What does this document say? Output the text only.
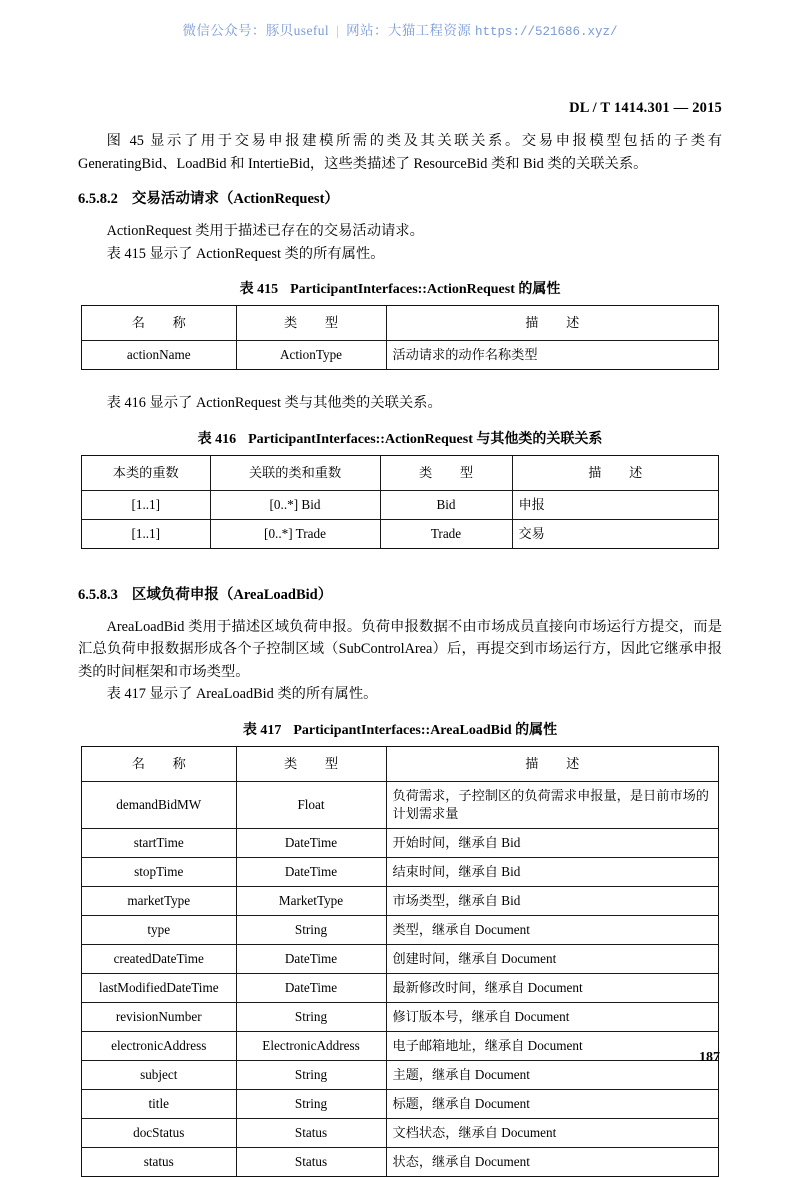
微信公众号：豚贝useful | 网站：大猫工程资源 https://521686.xyz/
DL / T 1414.301 — 2015

图 45 显示了用于交易申报建模所需的类及其关联关系。交易申报模型包括的子类有 GeneratingBid、LoadBid 和 IntertieBid，这些类描述了 ResourceBid 类和 Bid 类的关联关系。

6.5.8.2 交易活动请求（ActionRequest）

ActionRequest 类用于描述已存在的交易活动请求。

表 415 显示了 ActionRequest 类的所有属性。

表 415 ParticipantInterfaces::ActionRequest 的属性
名　称	类　型	描　述
actionName	ActionType	活动请求的动作名称类型

表 416 显示了 ActionRequest 类与其他类的关联关系。

表 416 ParticipantInterfaces::ActionRequest 与其他类的关联关系
本类的重数	关联的类和重数	类　型	描　述
[1..1]	[0..*] Bid	Bid	申报
[1..1]	[0..*] Trade	Trade	交易
6.5.8.3 区域负荷申报（AreaLoadBid）

AreaLoadBid 类用于描述区域负荷申报。负荷申报数据不由市场成员直接向市场运行方提交，而是汇总负荷申报数据形成各个子控制区域（SubControlArea）后，再提交到市场运行方，因此它继承申报类的时间框架和市场类型。

表 417 显示了 AreaLoadBid 类的所有属性。

表 417 ParticipantInterfaces::AreaLoadBid 的属性
名　称	类　型	描　述
demandBidMW	Float	负荷需求，子控制区的负荷需求申报量，是日前市场的计划需求量
startTime	DateTime	开始时间，继承自 Bid
stopTime	DateTime	结束时间，继承自 Bid
marketType	MarketType	市场类型，继承自 Bid
type	String	类型，继承自 Document
createdDateTime	DateTime	创建时间，继承自 Document
lastModifiedDateTime	DateTime	最新修改时间，继承自 Document
revisionNumber	String	修订版本号，继承自 Document
electronicAddress	ElectronicAddress	电子邮箱地址，继承自 Document
subject	String	主题，继承自 Document
title	String	标题，继承自 Document
docStatus	Status	文档状态，继承自 Document
status	Status	状态，继承自 Document
187
